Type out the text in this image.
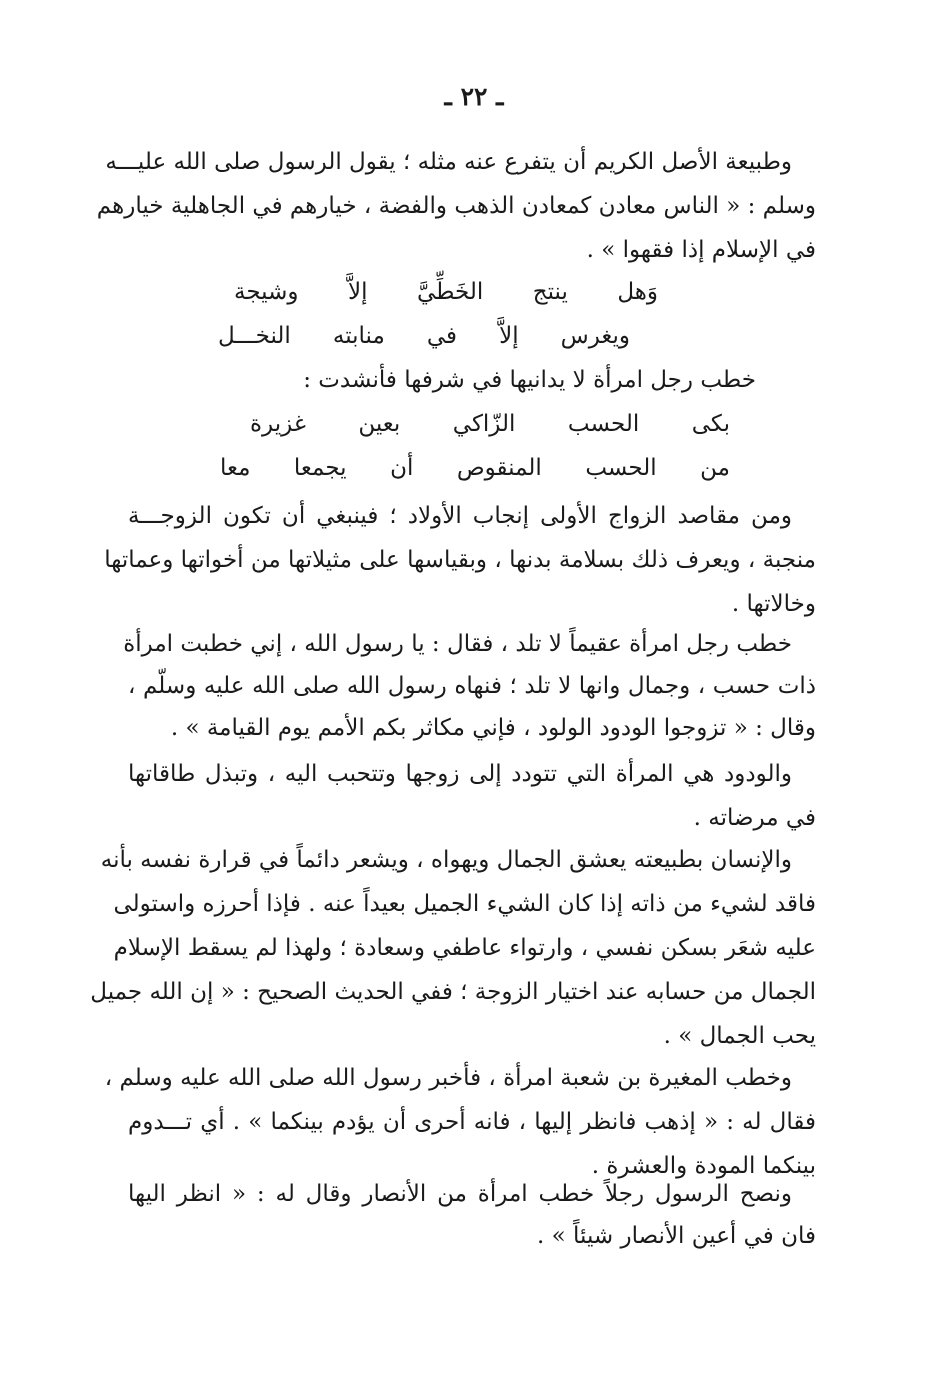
ـ ٢٢ ـ
وطبيعة الأصل الكريم أن يتفرع عنه مثله ؛ يقول الرسول صلى الله عليـــه
وسلم : « الناس معادن كمعادن الذهب والفضة ، خيارهم في الجاهلية خيارهم
في الإسلام إذا فقهوا » .
وَهل ينتج الخَطِّيَّ إلاَّ وشيجة
ويغرس إلاَّ في منابته النخـــل
خطب رجل امرأة لا يدانيها في شرفها فأنشدت :
بكى الحسب الزّاكي بعين غزيرة
من الحسب المنقوص أن يجمعا معا
ومن مقاصد الزواج الأولى إنجاب الأولاد ؛ فينبغي أن تكون الزوجـــة
منجبة ، ويعرف ذلك بسلامة بدنها ، وبقياسها على مثيلاتها من أخواتها وعماتها
وخالاتها .
خطب رجل امرأة عقيماً لا تلد ، فقال : يا رسول الله ، إني خطبت امرأة
ذات حسب ، وجمال وانها لا تلد ؛ فنهاه رسول الله صلى الله عليه وسلّم ،
وقال : « تزوجوا الودود الولود ، فإني مكاثر بكم الأمم يوم القيامة » .
والودود هي المرأة التي تتودد إلى زوجها وتتحبب اليه ، وتبذل طاقاتها
في مرضاته .
والإنسان بطبيعته يعشق الجمال ويهواه ، ويشعر دائماً في قرارة نفسه بأنه
فاقد لشيء من ذاته إذا كان الشيء الجميل بعيداً عنه . فإذا أحرزه واستولى
عليه شعَر بسكن نفسي ، وارتواء عاطفي وسعادة ؛ ولهذا لم يسقط الإسلام
الجمال من حسابه عند اختيار الزوجة ؛ ففي الحديث الصحيح : « إن الله جميل
يحب الجمال » .
وخطب المغيرة بن شعبة امرأة ، فأخبر رسول الله صلى الله عليه وسلم ،
فقال له : « إذهب فانظر إليها ، فانه أحرى أن يؤدم بينكما » . أي تـــدوم
بينكما المودة والعشرة .
ونصح الرسول رجلاً خطب امرأة من الأنصار وقال له : « انظر اليها
فان في أعين الأنصار شيئاً » .
